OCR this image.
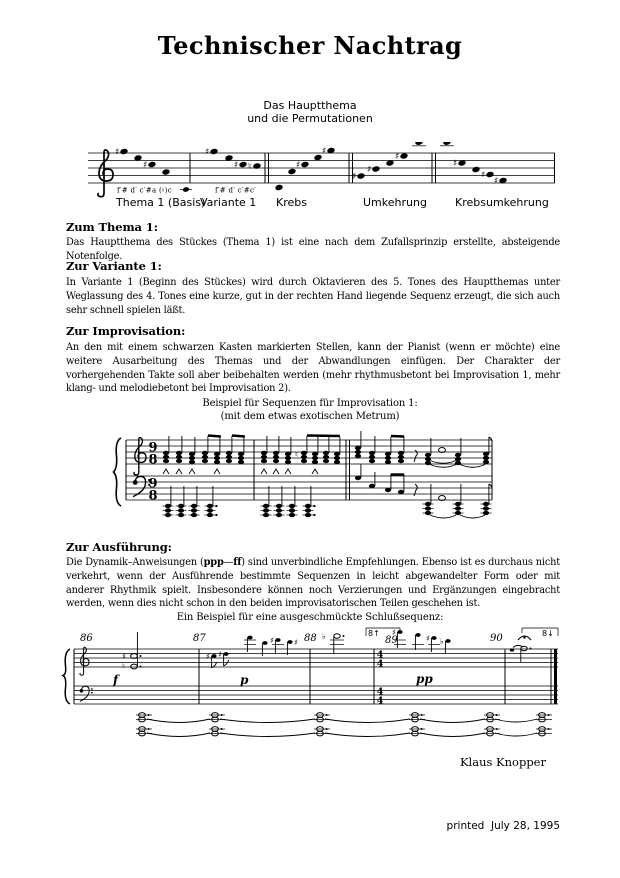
Technischer Nachtrag
Das Hauptthema
und die Permutationen
♯
♯
♯
♯ ♮	♯
♯
♯
♯
♯
♯
♯
♯
f′# d′ c′#a (♮)c	f′# d′ c′#c′
Thema 1 (Basis)
Variante 1 Krebs	Umkehrung	Krebsumkehrung
Zum Thema 1:
Das Hauptthema des Stückes (Thema 1) ist eine nach dem Zufallsprinzip erstellte, absteigende Notenfolge.
Zur Variante 1:
In Variante 1 (Beginn des Stückes) wird durch Oktavieren des 5. Tones des Hauptthemas unter Weglassung des 4. Tones eine kurze, gut in der rechten Hand liegende Sequenz erzeugt, die sich auch sehr schnell spielen läßt.
Zur Improvisation:
An den mit einem schwarzen Kasten markierten Stellen, kann der Pianist (wenn er möchte) eine weitere Ausarbeitung des Themas und der Abwandlungen einfügen. Der Charakter der vorhergehenden Takte soll aber beibehalten werden (mehr rhythmusbetont bei Improvisation 1, mehr klang- und melodiebetont bei Improvisation 2).
Beispiel für Sequenzen für Improvisation 1:
(mit dem etwas exotischen Metrum)
9
8
9
8
♮
Zur Ausführung:
Die Dynamik–Anweisungen (ppp—ff) sind unverbindliche Empfehlungen. Ebenso ist es durchaus nicht verkehrt, wenn der Ausführende bestimmte Sequenzen in leicht abgewandelter Form oder mit anderer Rhythmik spielt. Insbesondere können noch Verzierungen und Ergänzungen eingebracht werden, wenn dies nicht schon in den beiden improvisatorischen Teilen geschehen ist.
Ein Beispiel für eine ausgeschmückte Schlußsequenz:
86	87	88	89	90
8↑	8↓
4
4
4
4
f	p	pp
♯
♮
♯ ♯
♯	♯
♭	♯
♯ ♭
Klaus Knopper
printed  July 28, 1995
